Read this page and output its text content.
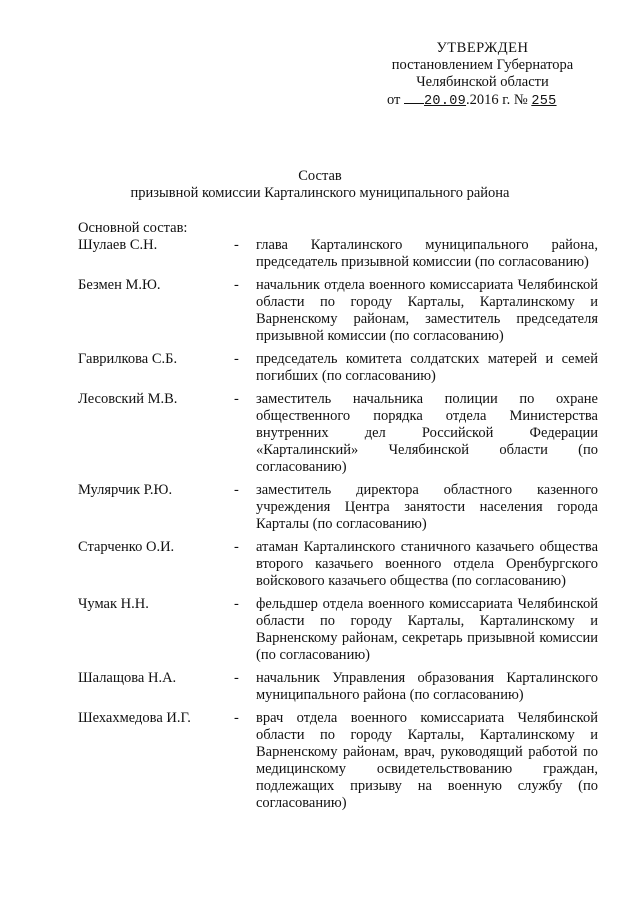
УТВЕРЖДЕН
постановлением Губернатора
Челябинской области
от 20.09.2016 г. № 255
Состав
призывной комиссии Карталинского муниципального района
Основной состав:
Шулаев С.Н.	-	глава Карталинского муниципального района, председатель призывной комиссии (по согласованию)
Безмен М.Ю.	-	начальник отдела военного комиссариата Челябинской области по городу Карталы, Карталинскому и Варненскому районам, заместитель председателя призывной комиссии (по согласованию)
Гаврилкова С.Б.	-	председатель комитета солдатских матерей и семей погибших (по согласованию)
Лесовский М.В.	-	заместитель начальника полиции по охране общественного порядка отдела Министерства внутренних дел Российской Федерации «Карталинский» Челябинской области (по согласованию)
Мулярчик Р.Ю.	-	заместитель директора областного казенного учреждения Центра занятости населения города Карталы (по согласованию)
Старченко О.И.	-	атаман Карталинского станичного казачьего общества второго казачьего военного отдела Оренбургского войскового казачьего общества (по согласованию)
Чумак Н.Н.	-	фельдшер отдела военного комиссариата Челябинской области по городу Карталы, Карталинскому и Варненскому районам, секретарь призывной комиссии (по согласованию)
Шалащова Н.А.	-	начальник Управления образования Карталинского муниципального района (по согласованию)
Шехахмедова И.Г.	-	врач отдела военного комиссариата Челябинской области по городу Карталы, Карталинскому и Варненскому районам, врач, руководящий работой по медицинскому освидетельствованию граждан, подлежащих призыву на военную службу (по согласованию)
